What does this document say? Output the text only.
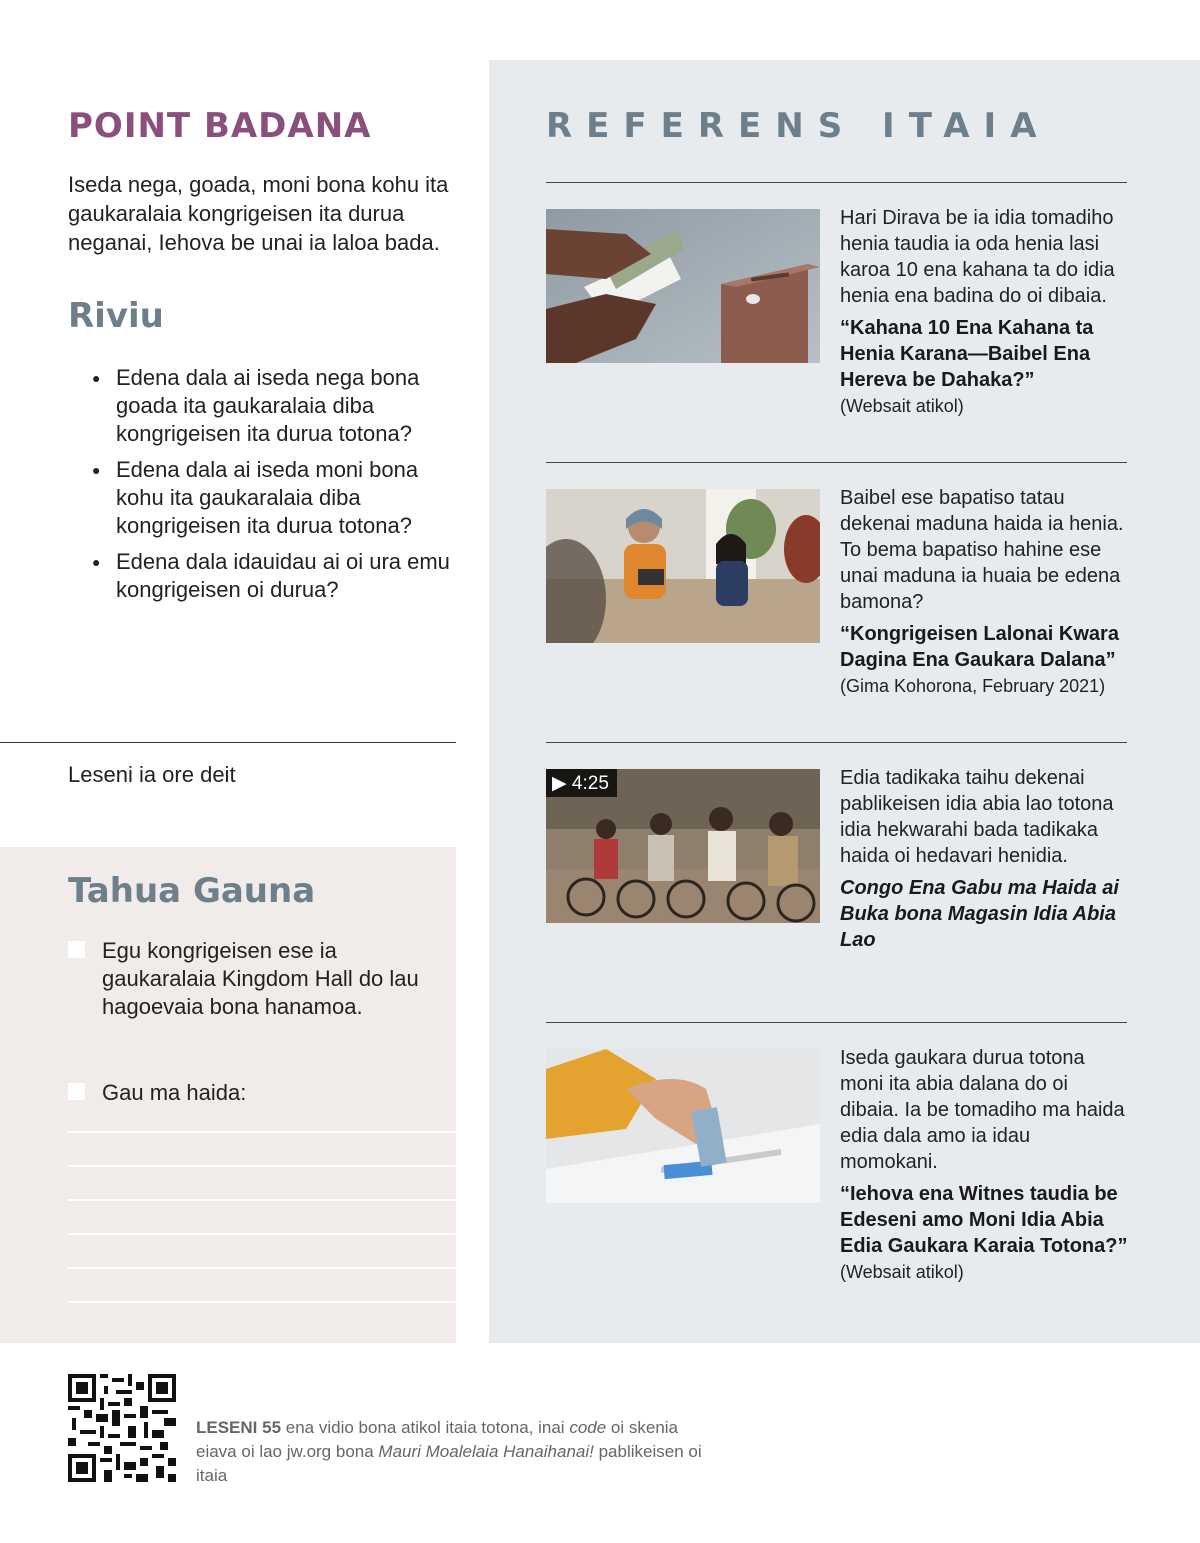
POINT BADANA

Iseda nega, goada, moni bona kohu ita gaukaralaia kongrigeisen ita durua neganai, Iehova be unai ia laloa bada.

Riviu
● Edena dala ai iseda nega bona goada ita gaukaralaia diba kongrigeisen ita durua totona?
● Edena dala ai iseda moni bona kohu ita gaukaralaia diba kongrigeisen ita durua totona?
● Edena dala idauidau ai oi ura emu kongrigeisen oi durua?
Leseni ia ore deit
Tahua Gauna
Egu kongrigeisen ese ia gaukaralaia Kingdom Hall do lau hagoevaia bona hanamoa.
Gau ma haida:
REFERENS ITAIA

Hari Dirava be ia idia tomadiho henia taudia ia oda henia lasi karoa 10 ena kahana ta do idia henia ena badina do oi dibaia.

“Kahana 10 Ena Kahana ta Henia Karana—Baibel Ena Hereva be Dahaka?”

(Websait atikol)

Baibel ese bapatiso tatau dekenai maduna haida ia henia. To bema bapatiso hahine ese unai maduna ia huaia be edena bamona?

“Kongrigeisen Lalonai Kwara Dagina Ena Gaukara Dalana”

(Gima Kohorona, February 2021)

▶ 4:25	Edia tadikaka taihu dekenai pablikeisen idia abia lao totona idia hekwarahi bada tadikaka haida oi hedavari henidia.

Congo Ena Gabu ma Haida ai Buka bona Magasin Idia Abia Lao

Iseda gaukara durua totona moni ita abia dalana do oi dibaia. Ia be tomadiho ma haida edia dala amo ia idau momokani.

“Iehova ena Witnes taudia be Edeseni amo Moni Idia Abia Edia Gaukara Karaia Totona?”

(Websait atikol)

LESENI 55 ena vidio bona atikol itaia totona, inai code oi skenia eiava oi lao jw.org bona Mauri Moalelaia Hanaihanai! pablikeisen oi itaia
